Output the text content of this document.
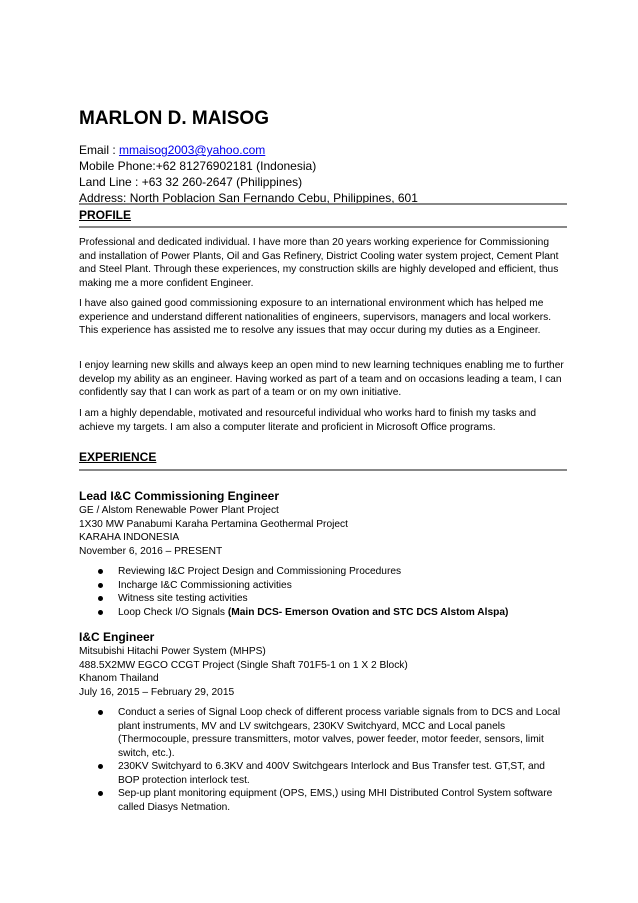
MARLON D. MAISOG
Email : mmaisog2003@yahoo.com
Mobile Phone:+62 81276902181 (Indonesia)
Land Line : +63 32 260-2647 (Philippines)
Address: North Poblacion San Fernando Cebu, Philippines, 601
PROFILE
Professional and dedicated individual. I have more than 20 years working experience for Commissioning and installation of Power Plants, Oil and Gas Refinery, District Cooling water system project, Cement Plant and Steel Plant. Through these experiences, my construction skills are highly developed and efficient, thus making me a more confident Engineer.
I have also gained good commissioning exposure to an international environment which has helped me experience and understand different nationalities of engineers, supervisors, managers and local workers. This experience has assisted me to resolve any issues that may occur during my duties as a Engineer.
I enjoy learning new skills and always keep an open mind to new learning techniques enabling me to further develop my ability as an engineer. Having worked as part of a team and on occasions leading a team, I can confidently say that I can work as part of a team or on my own initiative.
I am a highly dependable, motivated and resourceful individual who works hard to finish my tasks and achieve my targets. I am also a computer literate and proficient in Microsoft Office programs.
EXPERIENCE
Lead I&C Commissioning Engineer
GE / Alstom Renewable Power Plant Project
1X30 MW Panabumi Karaha Pertamina Geothermal Project
KARAHA INDONESIA
November 6, 2016 – PRESENT
Reviewing I&C Project Design and Commissioning Procedures
Incharge I&C Commissioning activities
Witness site testing activities
Loop Check I/O Signals (Main DCS- Emerson Ovation and STC DCS Alstom Alspa)
I&C Engineer
Mitsubishi Hitachi Power System (MHPS)
488.5X2MW EGCO CCGT Project (Single Shaft 701F5-1 on 1 X 2 Block)
Khanom Thailand
July 16, 2015 – February 29, 2015
Conduct a series of Signal Loop check of different process variable signals from to DCS and Local plant instruments, MV and LV switchgears, 230KV Switchyard, MCC and Local panels (Thermocouple, pressure transmitters, motor valves, power feeder, motor feeder, sensors, limit switch, etc.).
230KV Switchyard to 6.3KV and 400V Switchgears Interlock and Bus Transfer test. GT,ST, and BOP protection interlock test.
Sep-up plant monitoring equipment (OPS, EMS,) using MHI Distributed Control System software called Diasys Netmation.
